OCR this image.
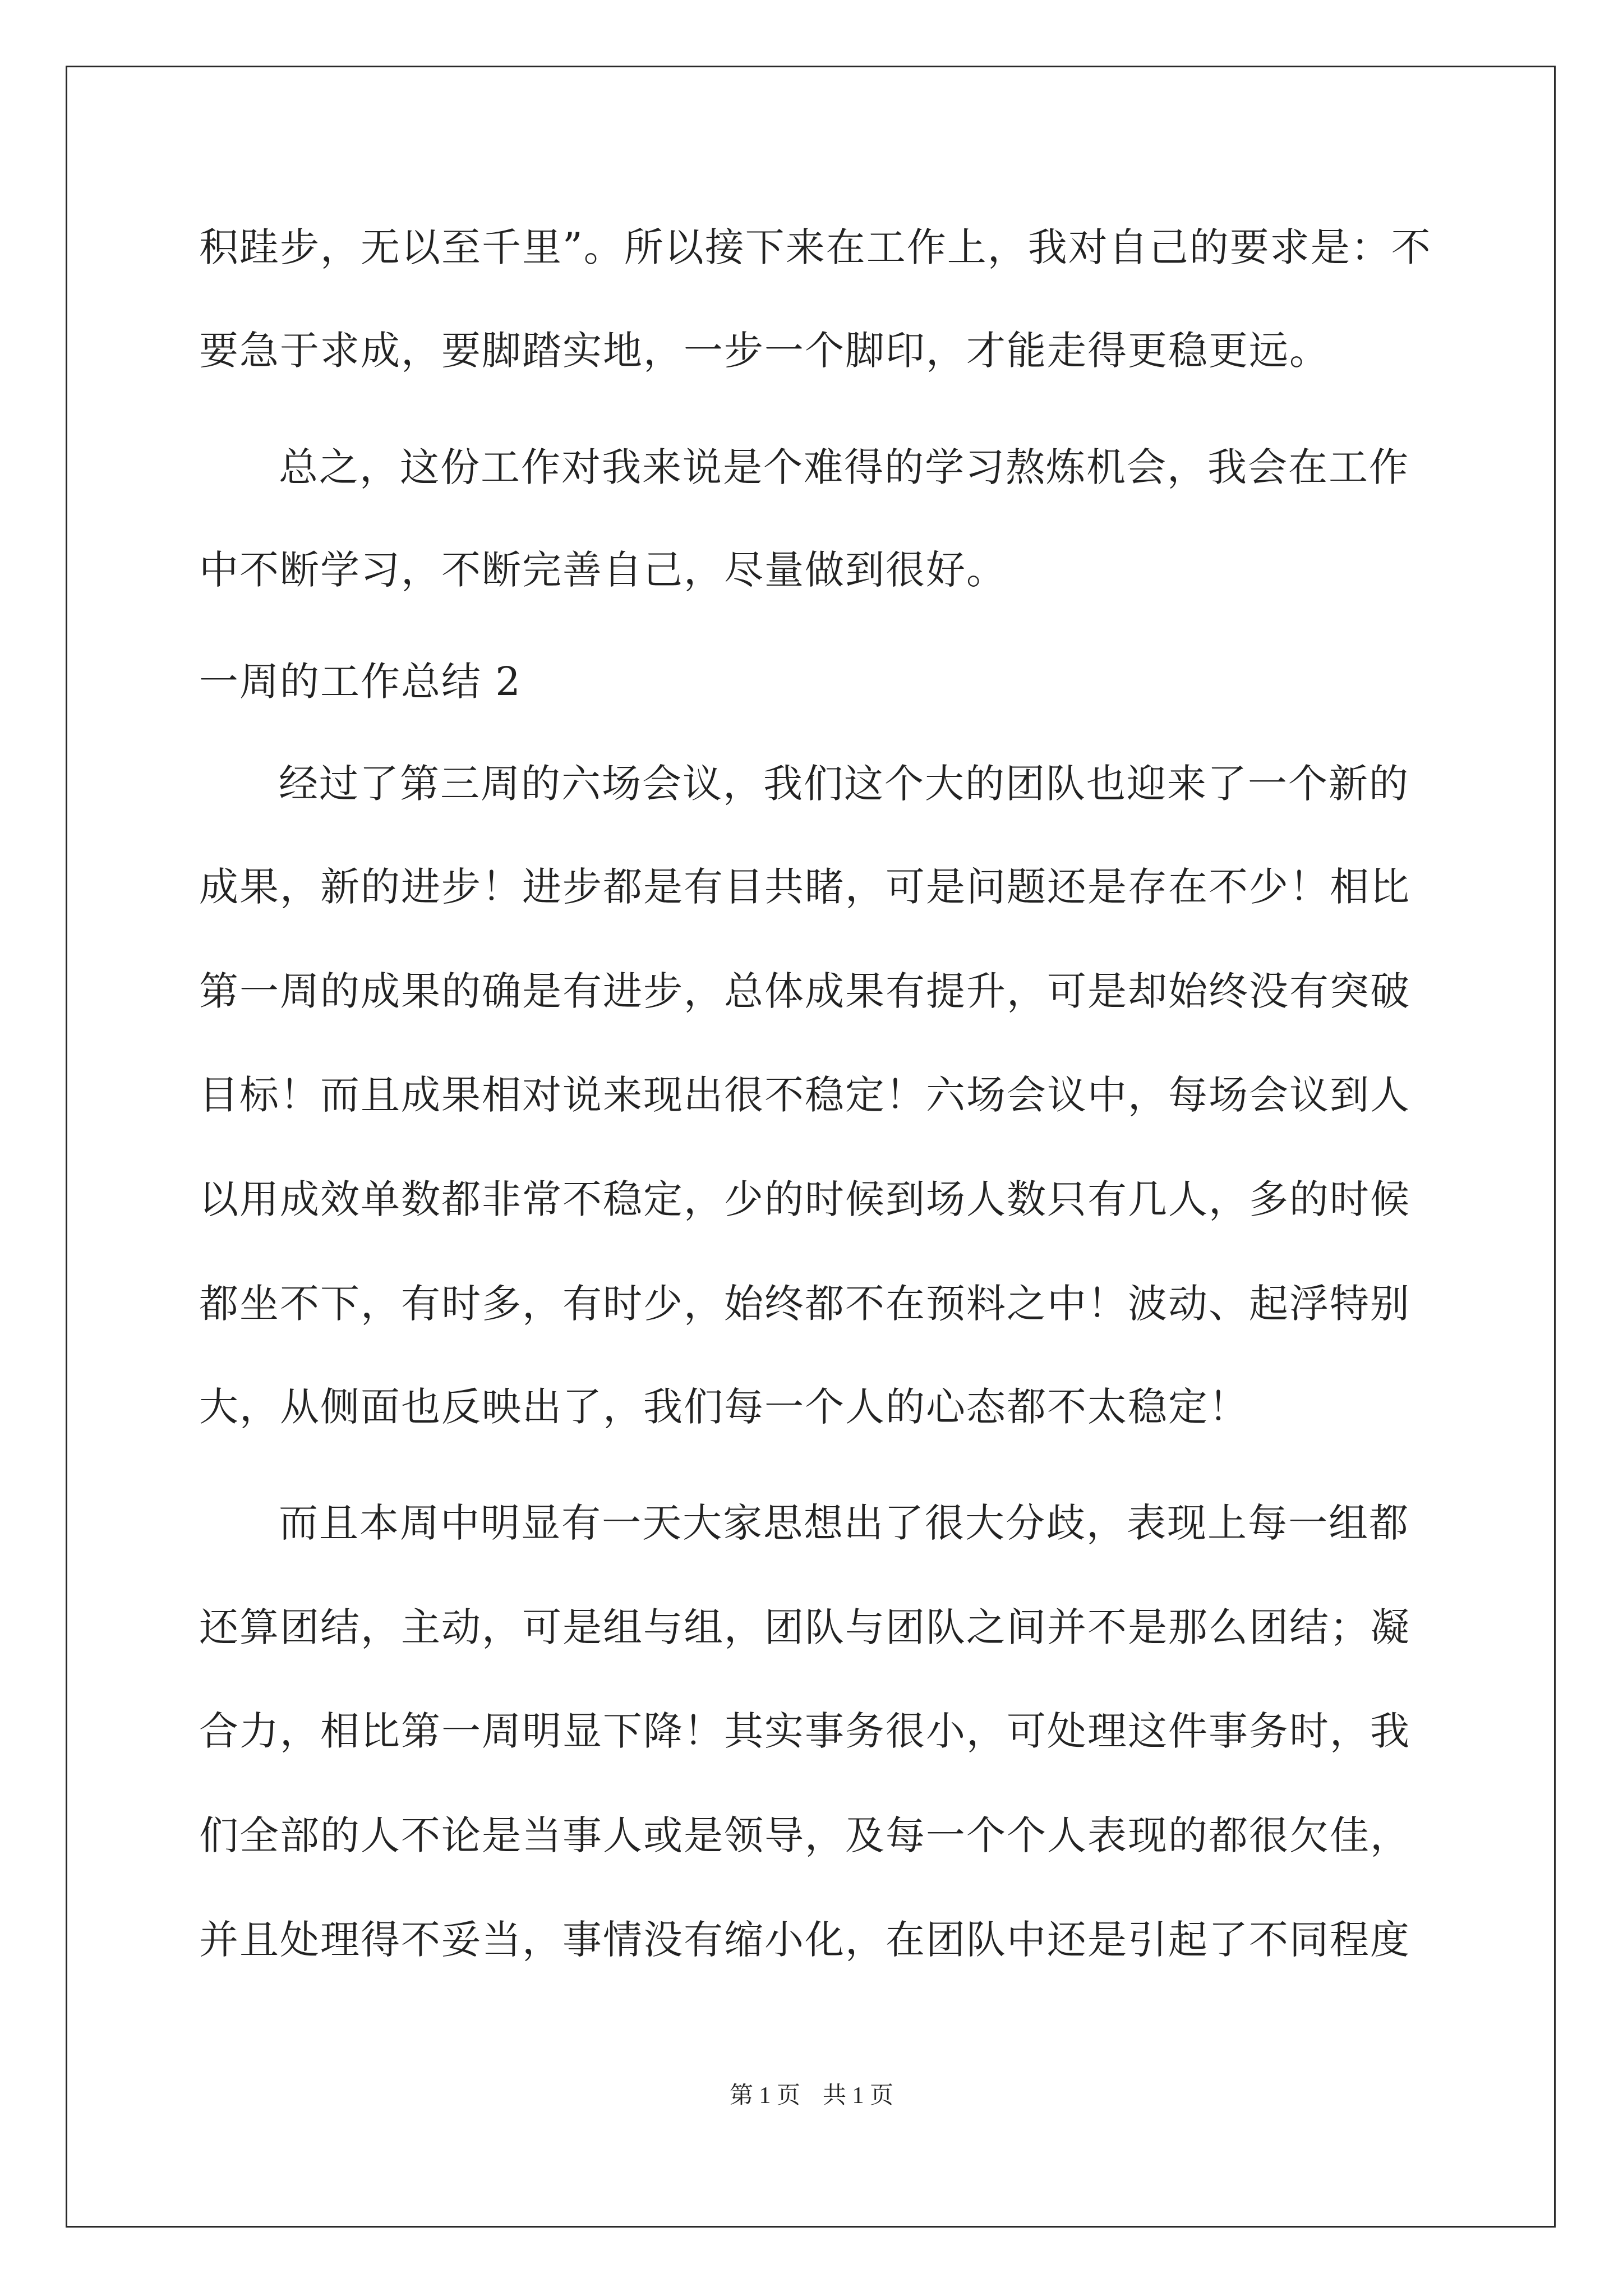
积跬步，无以至千里”。所以接下来在工作上，我对自己的要求是：不

要急于求成，要脚踏实地，一步一个脚印，才能走得更稳更远。

总之，这份工作对我来说是个难得的学习熬炼机会，我会在工作

中不断学习，不断完善自己，尽量做到很好。

一周的工作总结 2

经过了第三周的六场会议，我们这个大的团队也迎来了一个新的

成果，新的进步！进步都是有目共睹，可是问题还是存在不少！相比

第一周的成果的确是有进步，总体成果有提升，可是却始终没有突破

目标！而且成果相对说来现出很不稳定！六场会议中，每场会议到人

以用成效单数都非常不稳定，少的时候到场人数只有几人，多的时候

都坐不下，有时多，有时少，始终都不在预料之中！波动、起浮特别

大，从侧面也反映出了，我们每一个人的心态都不太稳定！

而且本周中明显有一天大家思想出了很大分歧，表现上每一组都

还算团结，主动，可是组与组，团队与团队之间并不是那么团结；凝

合力，相比第一周明显下降！其实事务很小，可处理这件事务时，我

们全部的人不论是当事人或是领导，及每一个个人表现的都很欠佳，

并且处理得不妥当，事情没有缩小化，在团队中还是引起了不同程度

第 1 页 共 1 页
